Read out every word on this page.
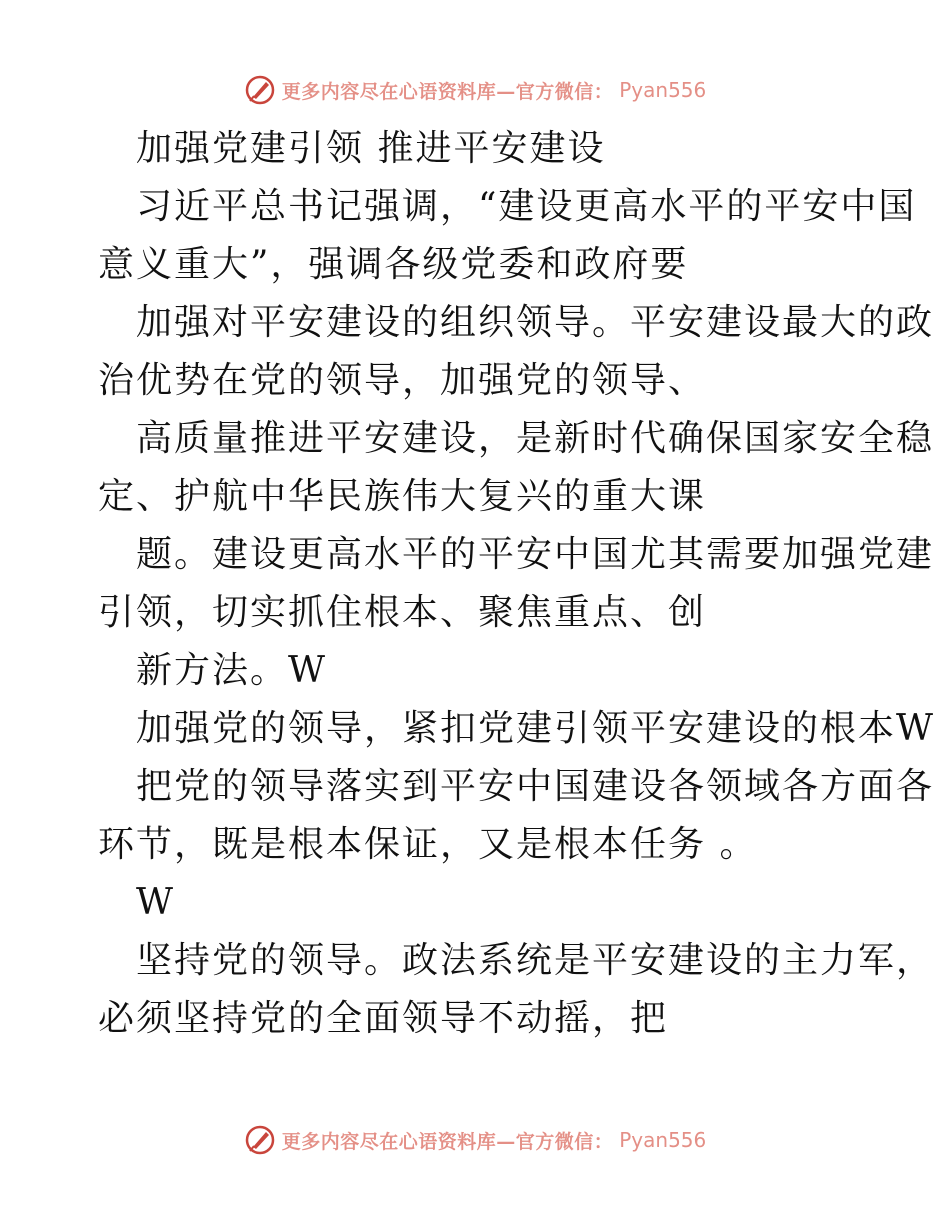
更多内容尽在心语资料库—官方微信： Pyan556
加强党建引领 推进平安建设
习近平总书记强调，“建设更高水平的平安中国
意义重大”，强调各级党委和政府要
加强对平安建设的组织领导。平安建设最大的政
治优势在党的领导，加强党的领导、
高质量推进平安建设，是新时代确保国家安全稳
定、护航中华民族伟大复兴的重大课
题。建设更高水平的平安中国尤其需要加强党建
引领，切实抓住根本、聚焦重点、创
新方法。W
加强党的领导，紧扣党建引领平安建设的根本W
把党的领导落实到平安中国建设各领域各方面各
环节，既是根本保证，又是根本任务 。
W
坚持党的领导。政法系统是平安建设的主力军，
必须坚持党的全面领导不动摇，把
更多内容尽在心语资料库—官方微信： Pyan556
